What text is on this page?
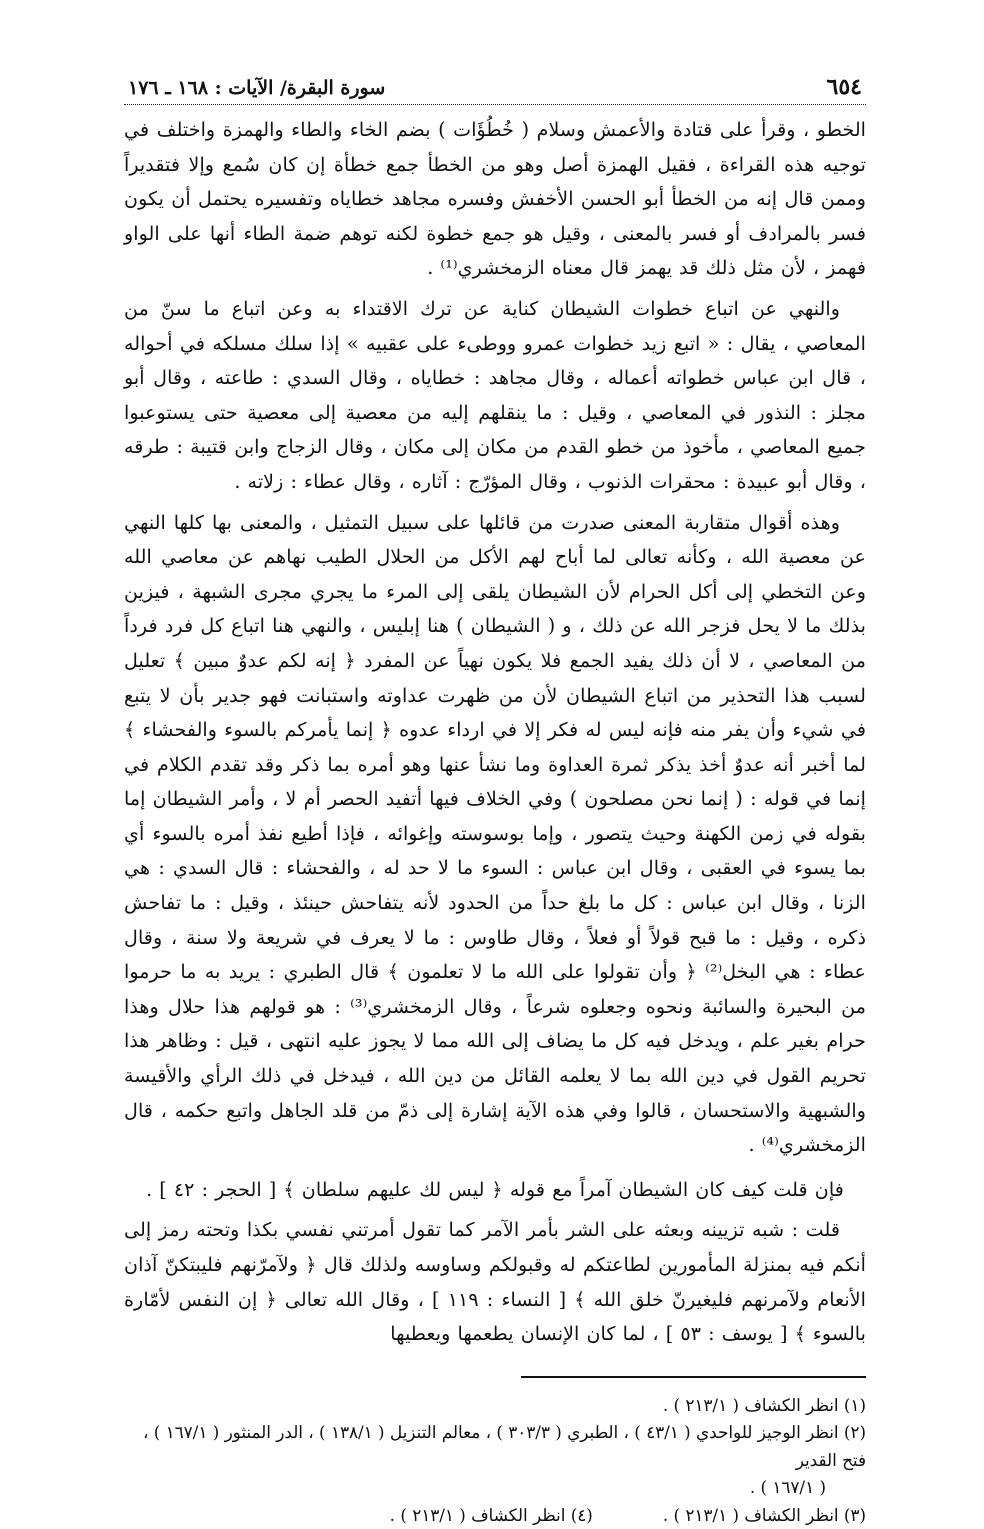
٦٥٤
سورة البقرة/ الآيات : ١٦٨ ـ ١٧٦

الخطو ، وقرأ على قتادة والأعمش وسلام ( خُطُؤَات ) بضم الخاء والطاء والهمزة واختلف في توجيه هذه القراءة ، فقيل الهمزة أصل وهو من الخطأ جمع خطأة إن كان سُمع وإلا فتقديراً وممن قال إنه من الخطأ أبو الحسن الأخفش وفسره مجاهد خطاياه وتفسيره يحتمل أن يكون فسر بالمرادف أو فسر بالمعنى ، وقيل هو جمع خطوة لكنه توهم ضمة الطاء أنها على الواو فهمز ، لأن مثل ذلك قد يهمز قال معناه الزمخشري⁽¹⁾ .

والنهي عن اتباع خطوات الشيطان كناية عن ترك الاقتداء به وعن اتباع ما سنّ من المعاصي ، يقال : « اتبع زيد خطوات عمرو ووطىء على عقبيه » إذا سلك مسلكه في أحواله ، قال ابن عباس خطواته أعماله ، وقال مجاهد : خطاياه ، وقال السدي : طاعته ، وقال أبو مجلز : النذور في المعاصي ، وقيل : ما ينقلهم إليه من معصية إلى معصية حتى يستوعبوا جميع المعاصي ، مأخوذ من خطو القدم من مكان إلى مكان ، وقال الزجاج وابن قتيبة : طرقه ، وقال أبو عبيدة : محقرات الذنوب ، وقال المؤرّج : آثاره ، وقال عطاء : زلاته .

وهذه أقوال متقاربة المعنى صدرت من قائلها على سبيل التمثيل ، والمعنى بها كلها النهي عن معصية الله ، وكأنه تعالى لما أباح لهم الأكل من الحلال الطيب نهاهم عن معاصي الله وعن التخطي إلى أكل الحرام لأن الشيطان يلقى إلى المرء ما يجري مجرى الشبهة ، فيزين بذلك ما لا يحل فزجر الله عن ذلك ، و ( الشيطان ) هنا إبليس ، والنهي هنا اتباع كل فرد فرداً من المعاصي ، لا أن ذلك يفيد الجمع فلا يكون نهياً عن المفرد ﴿ إنه لكم عدوٌ مبين ﴾ تعليل لسبب هذا التحذير من اتباع الشيطان لأن من ظهرت عداوته واستبانت فهو جدير بأن لا يتبع في شيء وأن يفر منه فإنه ليس له فكر إلا في ارداء عدوه ﴿ إنما يأمركم بالسوء والفحشاء ﴾ لما أخبر أنه عدوٌ أخذ يذكر ثمرة العداوة وما نشأ عنها وهو أمره بما ذكر وقد تقدم الكلام في إنما في قوله : ( إنما نحن مصلحون ) وفي الخلاف فيها أتفيد الحصر أم لا ، وأمر الشيطان إما بقوله في زمن الكهنة وحيث يتصور ، وإما بوسوسته وإغوائه ، فإذا أطيع نفذ أمره بالسوء أي بما يسوء في العقبى ، وقال ابن عباس : السوء ما لا حد له ، والفحشاء : قال السدي : هي الزنا ، وقال ابن عباس : كل ما بلغ حداً من الحدود لأنه يتفاحش حينئذ ، وقيل : ما تفاحش ذكره ، وقيل : ما قبح قولاً أو فعلاً ، وقال طاوس : ما لا يعرف في شريعة ولا سنة ، وقال عطاء : هي البخل⁽²⁾ ﴿ وأن تقولوا على الله ما لا تعلمون ﴾ قال الطبري : يريد به ما حرموا من البحيرة والسائبة ونحوه وجعلوه شرعاً ، وقال الزمخشري⁽³⁾ : هو قولهم هذا حلال وهذا حرام بغير علم ، ويدخل فيه كل ما يضاف إلى الله مما لا يجوز عليه انتهى ، قيل : وظاهر هذا تحريم القول في دين الله بما لا يعلمه القائل من دين الله ، فيدخل في ذلك الرأي والأقيسة والشبهية والاستحسان ، قالوا وفي هذه الآية إشارة إلى ذمّ من قلد الجاهل واتبع حكمه ، قال الزمخشري⁽⁴⁾ .

فإن قلت كيف كان الشيطان آمراً مع قوله ﴿ ليس لك عليهم سلطان ﴾ [ الحجر : ٤٢ ] .

قلت : شبه تزيينه وبعثه على الشر بأمر الآمر كما تقول أمرتني نفسي بكذا وتحته رمز إلى أنكم فيه بمنزلة المأمورين لطاعتكم له وقبولكم وساوسه ولذلك قال ﴿ ولآمرّنهم فليبتكنّ آذان الأنعام ولآمرنهم فليغيرنّ خلق الله ﴾ [ النساء : ١١٩ ] ، وقال الله تعالى ﴿ إن النفس لأمّارة بالسوء ﴾ [ يوسف : ٥٣ ] ، لما كان الإنسان يطعمها ويعطيها

(١) انظر الكشاف ( ٢١٣/١ ) .

(٢) انظر الوجيز للواحدي ( ٤٣/١ ) ، الطبري ( ٣٠٣/٣ ) ، معالم التنزيل ( ١٣٨/١ ) ، الدر المنثور ( ١٦٧/١ ) ، فتح القدير

( ١٦٧/١ ) .

(٣) انظر الكشاف ( ٢١٣/١ ) .

(٤) انظر الكشاف ( ٢١٣/١ ) .
